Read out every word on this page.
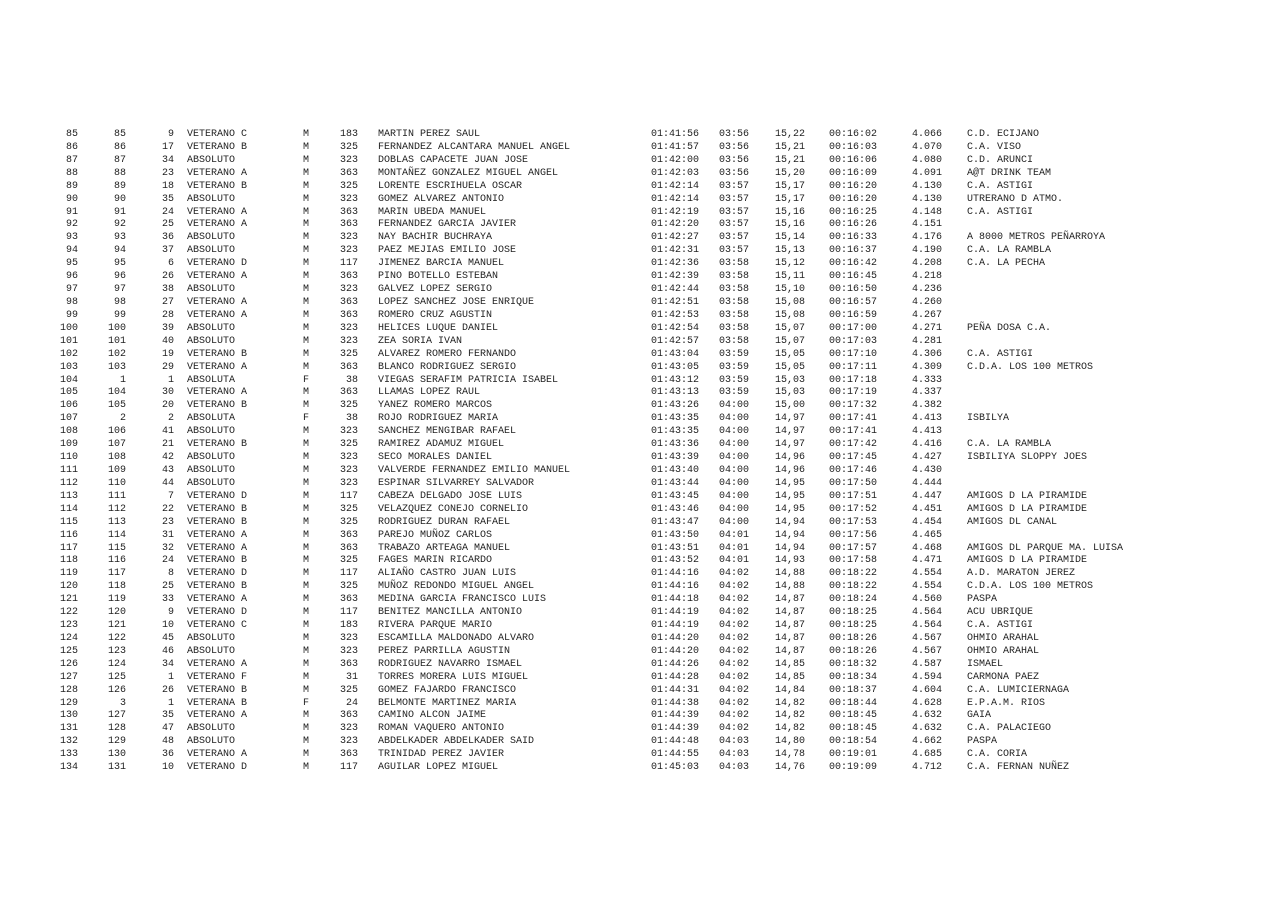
85	85	9 VETERANO C	M	183 MARTIN PEREZ SAUL	01:41:56 03:56	15,22 00:16:02	4.066 C.D. ECIJANO
86	86	17 VETERANO B	M	325 FERNANDEZ ALCANTARA MANUEL ANGEL	01:41:57 03:56	15,21 00:16:03	4.070 C.A. VISO
87	87	34 ABSOLUTO	M	323 DOBLAS CAPACETE JUAN JOSE	01:42:00 03:56	15,21 00:16:06	4.080 C.D. ARUNCI
88	88	23 VETERANO A	M	363 MONTAÑEZ GONZALEZ MIGUEL ANGEL	01:42:03 03:56	15,20 00:16:09	4.091 A@T DRINK TEAM
89	89	18 VETERANO B	M	325 LORENTE ESCRIHUELA OSCAR	01:42:14 03:57	15,17 00:16:20	4.130 C.A. ASTIGI
90	90	35 ABSOLUTO	M	323 GOMEZ ALVAREZ ANTONIO	01:42:14 03:57	15,17 00:16:20	4.130 UTRERANO D ATMO.
91	91	24 VETERANO A	M	363 MARIN UBEDA MANUEL	01:42:19 03:57	15,16 00:16:25	4.148 C.A. ASTIGI
92	92	25 VETERANO A	M	363 FERNANDEZ GARCIA JAVIER	01:42:20 03:57	15,16 00:16:26	4.151
93	93	36 ABSOLUTO	M	323 NAY BACHIR BUCHRAYA	01:42:27 03:57	15,14 00:16:33	4.176 A 8000 METROS PEÑARROYA
94	94	37 ABSOLUTO	M	323 PAEZ MEJIAS EMILIO JOSE	01:42:31 03:57	15,13 00:16:37	4.190 C.A. LA RAMBLA
95	95	6 VETERANO D	M	117 JIMENEZ BARCIA MANUEL	01:42:36 03:58	15,12 00:16:42	4.208 C.A. LA PECHA
96	96	26 VETERANO A	M	363 PINO BOTELLO ESTEBAN	01:42:39 03:58	15,11 00:16:45	4.218
97	97	38 ABSOLUTO	M	323 GALVEZ LOPEZ SERGIO	01:42:44 03:58	15,10 00:16:50	4.236
98	98	27 VETERANO A	M	363 LOPEZ SANCHEZ JOSE ENRIQUE	01:42:51 03:58	15,08 00:16:57	4.260
99	99	28 VETERANO A	M	363 ROMERO CRUZ AGUSTIN	01:42:53 03:58	15,08 00:16:59	4.267
100	100	39 ABSOLUTO	M	323 HELICES LUQUE DANIEL	01:42:54 03:58	15,07 00:17:00	4.271 PEÑA DOSA C.A.
101	101	40 ABSOLUTO	M	323 ZEA SORIA IVAN	01:42:57 03:58	15,07 00:17:03	4.281
102	102	19 VETERANO B	M	325 ALVAREZ ROMERO FERNANDO	01:43:04 03:59	15,05 00:17:10	4.306 C.A. ASTIGI
103	103	29 VETERANO A	M	363 BLANCO RODRIGUEZ SERGIO	01:43:05 03:59	15,05 00:17:11	4.309 C.D.A. LOS 100 METROS
104	1	1 ABSOLUTA	F	38 VIEGAS SERAFIM PATRICIA ISABEL	01:43:12 03:59	15,03 00:17:18	4.333
105	104	30 VETERANO A	M	363 LLAMAS LOPEZ RAUL	01:43:13 03:59	15,03 00:17:19	4.337
106	105	20 VETERANO B	M	325 YANEZ ROMERO MARCOS	01:43:26 04:00	15,00 00:17:32	4.382
107	2	2 ABSOLUTA	F	38 ROJO RODRIGUEZ MARIA	01:43:35 04:00	14,97 00:17:41	4.413 ISBILYA
108	106	41 ABSOLUTO	M	323 SANCHEZ MENGIBAR RAFAEL	01:43:35 04:00	14,97 00:17:41	4.413
109	107	21 VETERANO B	M	325 RAMIREZ ADAMUZ MIGUEL	01:43:36 04:00	14,97 00:17:42	4.416 C.A. LA RAMBLA
110	108	42 ABSOLUTO	M	323 SECO MORALES DANIEL	01:43:39 04:00	14,96 00:17:45	4.427 ISBILIYA SLOPPY JOES
111	109	43 ABSOLUTO	M	323 VALVERDE FERNANDEZ EMILIO MANUEL	01:43:40 04:00	14,96 00:17:46	4.430
112	110	44 ABSOLUTO	M	323 ESPINAR SILVARREY SALVADOR	01:43:44 04:00	14,95 00:17:50	4.444
113	111	7 VETERANO D	M	117 CABEZA DELGADO JOSE LUIS	01:43:45 04:00	14,95 00:17:51	4.447 AMIGOS D LA PIRAMIDE
114	112	22 VETERANO B	M	325 VELAZQUEZ CONEJO CORNELIO	01:43:46 04:00	14,95 00:17:52	4.451 AMIGOS D LA PIRAMIDE
115	113	23 VETERANO B	M	325 RODRIGUEZ DURAN RAFAEL	01:43:47 04:00	14,94 00:17:53	4.454 AMIGOS DL CANAL
116	114	31 VETERANO A	M	363 PAREJO MUÑOZ CARLOS	01:43:50 04:01	14,94 00:17:56	4.465
117	115	32 VETERANO A	M	363 TRABAZO ARTEAGA MANUEL	01:43:51 04:01	14,94 00:17:57	4.468 AMIGOS DL PARQUE MA. LUISA
118	116	24 VETERANO B	M	325 FAGES MARIN RICARDO	01:43:52 04:01	14,93 00:17:58	4.471 AMIGOS D LA PIRAMIDE
119	117	8 VETERANO D	M	117 ALIAÑO CASTRO JUAN LUIS	01:44:16 04:02	14,88 00:18:22	4.554 A.D. MARATON JEREZ
120	118	25 VETERANO B	M	325 MUÑOZ REDONDO MIGUEL ANGEL	01:44:16 04:02	14,88 00:18:22	4.554 C.D.A. LOS 100 METROS
121	119	33 VETERANO A	M	363 MEDINA GARCIA FRANCISCO LUIS	01:44:18 04:02	14,87 00:18:24	4.560 PASPA
122	120	9 VETERANO D	M	117 BENITEZ MANCILLA ANTONIO	01:44:19 04:02	14,87 00:18:25	4.564 ACU UBRIQUE
123	121	10 VETERANO C	M	183 RIVERA PARQUE MARIO	01:44:19 04:02	14,87 00:18:25	4.564 C.A. ASTIGI
124	122	45 ABSOLUTO	M	323 ESCAMILLA MALDONADO ALVARO	01:44:20 04:02	14,87 00:18:26	4.567 OHMIO ARAHAL
125	123	46 ABSOLUTO	M	323 PEREZ PARRILLA AGUSTIN	01:44:20 04:02	14,87 00:18:26	4.567 OHMIO ARAHAL
126	124	34 VETERANO A	M	363 RODRIGUEZ NAVARRO ISMAEL	01:44:26 04:02	14,85 00:18:32	4.587 ISMAEL
127	125	1 VETERANO F	M	31 TORRES MORERA LUIS MIGUEL	01:44:28 04:02	14,85 00:18:34	4.594 CARMONA PAEZ
128	126	26 VETERANO B	M	325 GOMEZ FAJARDO FRANCISCO	01:44:31 04:02	14,84 00:18:37	4.604 C.A. LUMICIERNAGA
129	3	1 VETERANA B	F	24 BELMONTE MARTINEZ MARIA	01:44:38 04:02	14,82 00:18:44	4.628 E.P.A.M. RIOS
130	127	35 VETERANO A	M	363 CAMINO ALCON JAIME	01:44:39 04:02	14,82 00:18:45	4.632 GAIA
131	128	47 ABSOLUTO	M	323 ROMAN VAQUERO ANTONIO	01:44:39 04:02	14,82 00:18:45	4.632 C.A. PALACIEGO
132	129	48 ABSOLUTO	M	323 ABDELKADER ABDELKADER SAID	01:44:48 04:03	14,80 00:18:54	4.662 PASPA
133	130	36 VETERANO A	M	363 TRINIDAD PEREZ JAVIER	01:44:55 04:03	14,78 00:19:01	4.685 C.A. CORIA
134	131	10 VETERANO D	M	117 AGUILAR LOPEZ MIGUEL	01:45:03 04:03	14,76 00:19:09	4.712 C.A. FERNAN NUÑEZ
